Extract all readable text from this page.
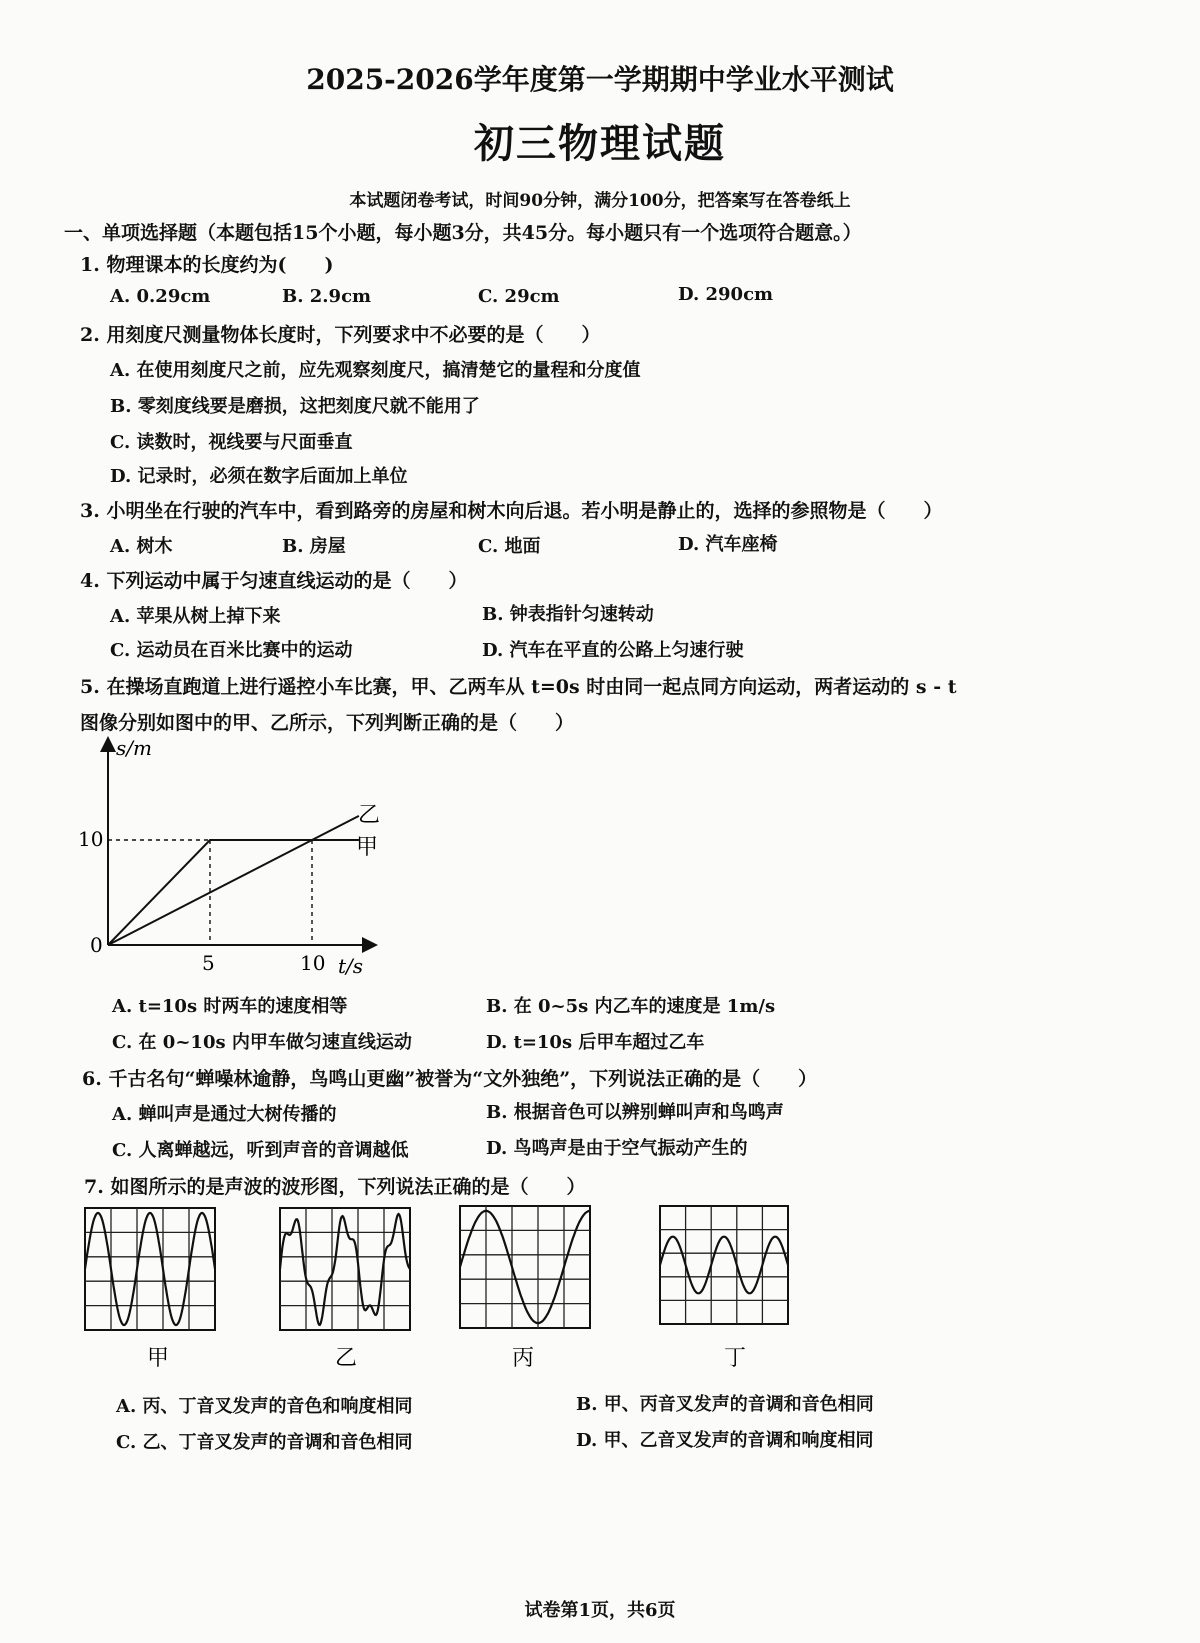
2025-2026学年度第一学期期中学业水平测试
初三物理试题
本试题闭卷考试，时间90分钟，满分100分，把答案写在答卷纸上
一、单项选择题（本题包括15个小题，每小题3分，共45分。每小题只有一个选项符合题意。）
1. 物理课本的长度约为(　　)
A. 0.29cm	B. 2.9cm	C. 29cm	D. 290cm
2. 用刻度尺测量物体长度时，下列要求中不必要的是（　　）
A. 在使用刻度尺之前，应先观察刻度尺，搞清楚它的量程和分度值
B. 零刻度线要是磨损，这把刻度尺就不能用了
C. 读数时，视线要与尺面垂直
D. 记录时，必须在数字后面加上单位
3. 小明坐在行驶的汽车中，看到路旁的房屋和树木向后退。若小明是静止的，选择的参照物是（　　）
A. 树木	B. 房屋	C. 地面	D. 汽车座椅
4. 下列运动中属于匀速直线运动的是（　　）
A. 苹果从树上掉下来	B. 钟表指针匀速转动
C. 运动员在百米比赛中的运动	D. 汽车在平直的公路上匀速行驶
5. 在操场直跑道上进行遥控小车比赛，甲、乙两车从 t=0s 时由同一起点同方向运动，两者运动的 s - t
图像分别如图中的甲、乙所示，下列判断正确的是（　　）
s/m
t/s
0
10
5	10
乙
甲
A. t=10s 时两车的速度相等	B. 在 0~5s 内乙车的速度是 1m/s
C. 在 0~10s 内甲车做匀速直线运动	D. t=10s 后甲车超过乙车
6. 千古名句“蝉噪林逾静，鸟鸣山更幽”被誉为“文外独绝”，下列说法正确的是（　　）
A. 蝉叫声是通过大树传播的	B. 根据音色可以辨别蝉叫声和鸟鸣声
C. 人离蝉越远，听到声音的音调越低	D. 鸟鸣声是由于空气振动产生的
7. 如图所示的是声波的波形图，下列说法正确的是（　　）
甲	乙	丙	丁
A. 丙、丁音叉发声的音色和响度相同	B. 甲、丙音叉发声的音调和音色相同
C. 乙、丁音叉发声的音调和音色相同	D. 甲、乙音叉发声的音调和响度相同
试卷第1页，共6页
